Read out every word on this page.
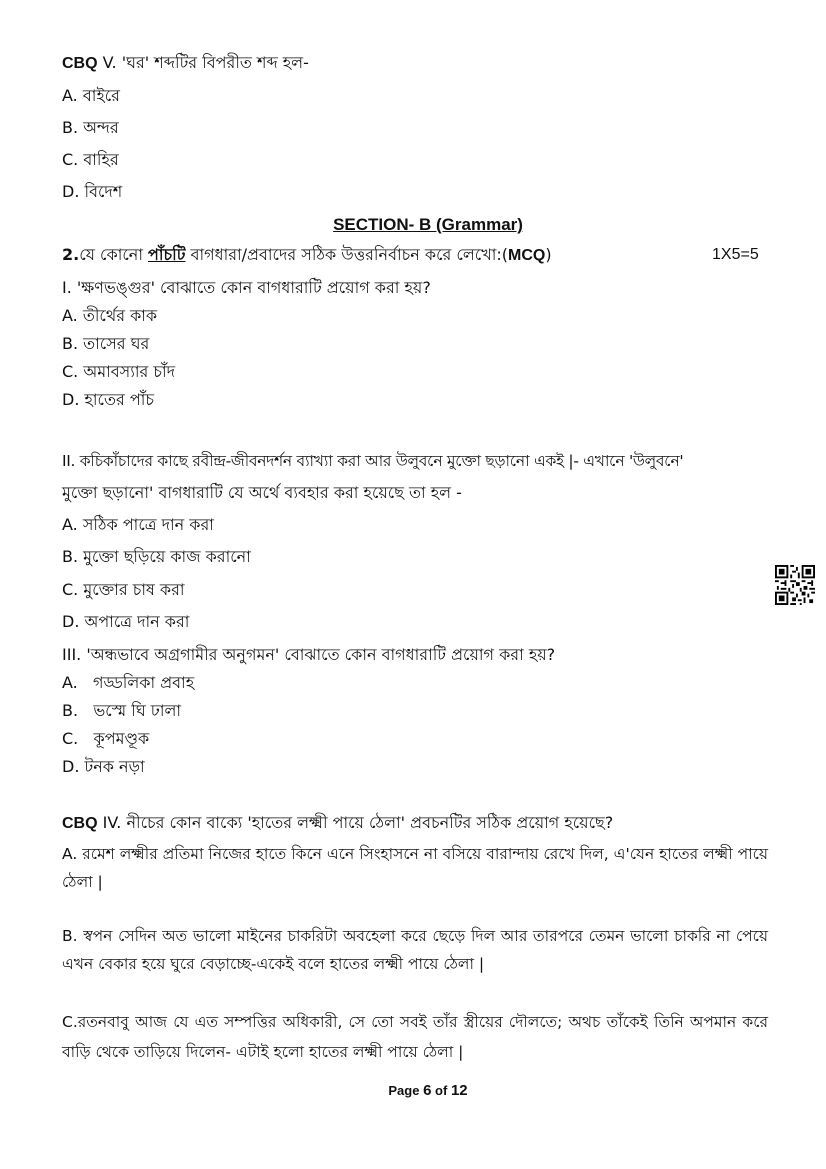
CBQ V. 'ঘর' শব্দটির বিপরীত শব্দ হল-
A. বাইরে
B. অন্দর
C. বাহির
D. বিদেশ
SECTION- B (Grammar)
2.যে কোনো পাঁচটি বাগধারা/প্রবাদের সঠিক উত্তরনির্বাচন করে লেখো:(MCQ)	1X5=5
I. 'ক্ষণভঙ্গুর' বোঝাতে কোন বাগধারাটি প্রয়োগ করা হয়?
A. তীর্থের কাক
B. তাসের ঘর
C. অমাবস্যার চাঁদ
D. হাতের পাঁচ
II. কচিকাঁচাদের কাছে রবীন্দ্র-জীবনদর্শন ব্যাখ্যা করা আর উলুবনে মুক্তো ছড়ানো একই |- এখানে 'উলুবনে'
মুক্তো ছড়ানো' বাগধারাটি যে অর্থে ব্যবহার করা হয়েছে তা হল -
A. সঠিক পাত্রে দান করা
B. মুক্তো ছড়িয়ে কাজ করানো
C. মুক্তোর চাষ করা
D. অপাত্রে দান করা
III. 'অন্ধভাবে অগ্রগামীর অনুগমন' বোঝাতে কোন বাগধারাটি প্রয়োগ করা হয়?
A.   গড্ডলিকা প্রবাহ
B.   ভস্মে ঘি ঢালা
C.   কূপমণ্ডূক
D. টনক নড়া
CBQ IV. নীচের কোন বাক্যে 'হাতের লক্ষ্মী পায়ে ঠেলা' প্রবচনটির সঠিক প্রয়োগ হয়েছে?
A. রমেশ লক্ষ্মীর প্রতিমা নিজের হাতে কিনে এনে সিংহাসনে না বসিয়ে বারান্দায় রেখে দিল, এ'যেন হাতের লক্ষ্মী পায়ে ঠেলা |
B. স্বপন সেদিন অত ভালো মাইনের চাকরিটা অবহেলা করে ছেড়ে দিল আর তারপরে তেমন ভালো চাকরি না পেয়ে এখন বেকার হয়ে ঘুরে বেড়াচ্ছে-একেই বলে হাতের লক্ষ্মী পায়ে ঠেলা |
C.রতনবাবু আজ যে এত সম্পত্তির অধিকারী, সে তো সবই তাঁর স্ত্রীয়ের দৌলতে; অথচ তাঁকেই তিনি অপমান করে বাড়ি থেকে তাড়িয়ে দিলেন- এটাই হলো হাতের লক্ষ্মী পায়ে ঠেলা |
Page 6 of 12
